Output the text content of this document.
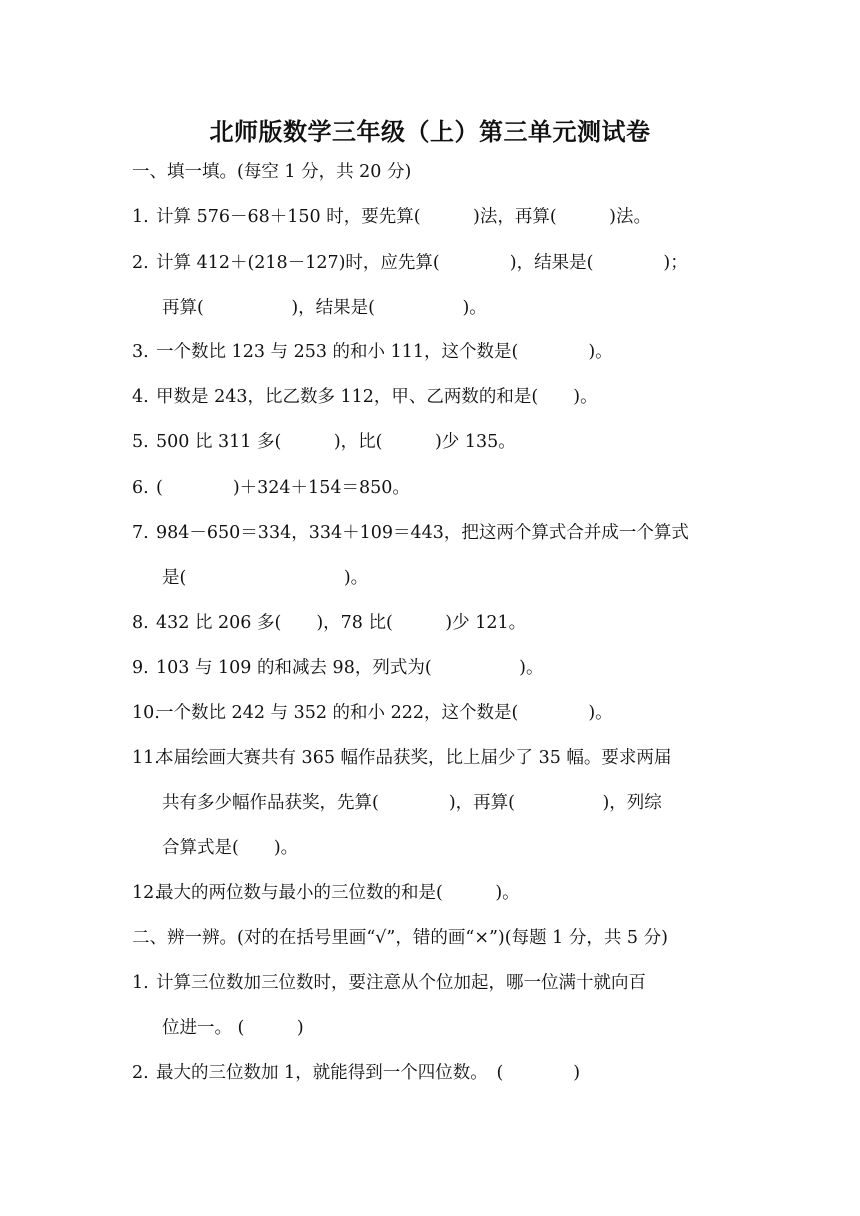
北师版数学三年级（上）第三单元测试卷
一、填一填。(每空 1 分，共 20 分)
1. 计算 576－68＋150 时，要先算(　　　)法，再算(　　　)法。
2. 计算 412＋(218－127)时，应先算(　　　　)，结果是(　　　　)；
再算(　　　　　)，结果是(　　　　　)。
3. 一个数比 123 与 253 的和小 111，这个数是(　　　　)。
4. 甲数是 243，比乙数多 112，甲、乙两数的和是(　　)。
5. 500 比 311 多(　　　)，比(　　　)少 135。
6. (　　　　)＋324＋154＝850。
7. 984－650＝334，334＋109＝443，把这两个算式合并成一个算式
是(　　　　　　　　　)。
8. 432 比 206 多(　　)，78 比(　　　)少 121。
9. 103 与 109 的和减去 98，列式为(　　　　　)。
10.一个数比 242 与 352 的和小 222，这个数是(　　　　)。
11.本届绘画大赛共有 365 幅作品获奖，比上届少了 35 幅。要求两届
共有多少幅作品获奖，先算(　　　　)，再算(　　　　　)，列综
合算式是(　　)。
12.最大的两位数与最小的三位数的和是(　　　)。
二、辨一辨。(对的在括号里画“√”，错的画“×”)(每题 1 分，共 5 分)
1. 计算三位数加三位数时，要注意从个位加起，哪一位满十就向百
位进一。 (　　　)
2. 最大的三位数加 1，就能得到一个四位数。　(　　　　)
